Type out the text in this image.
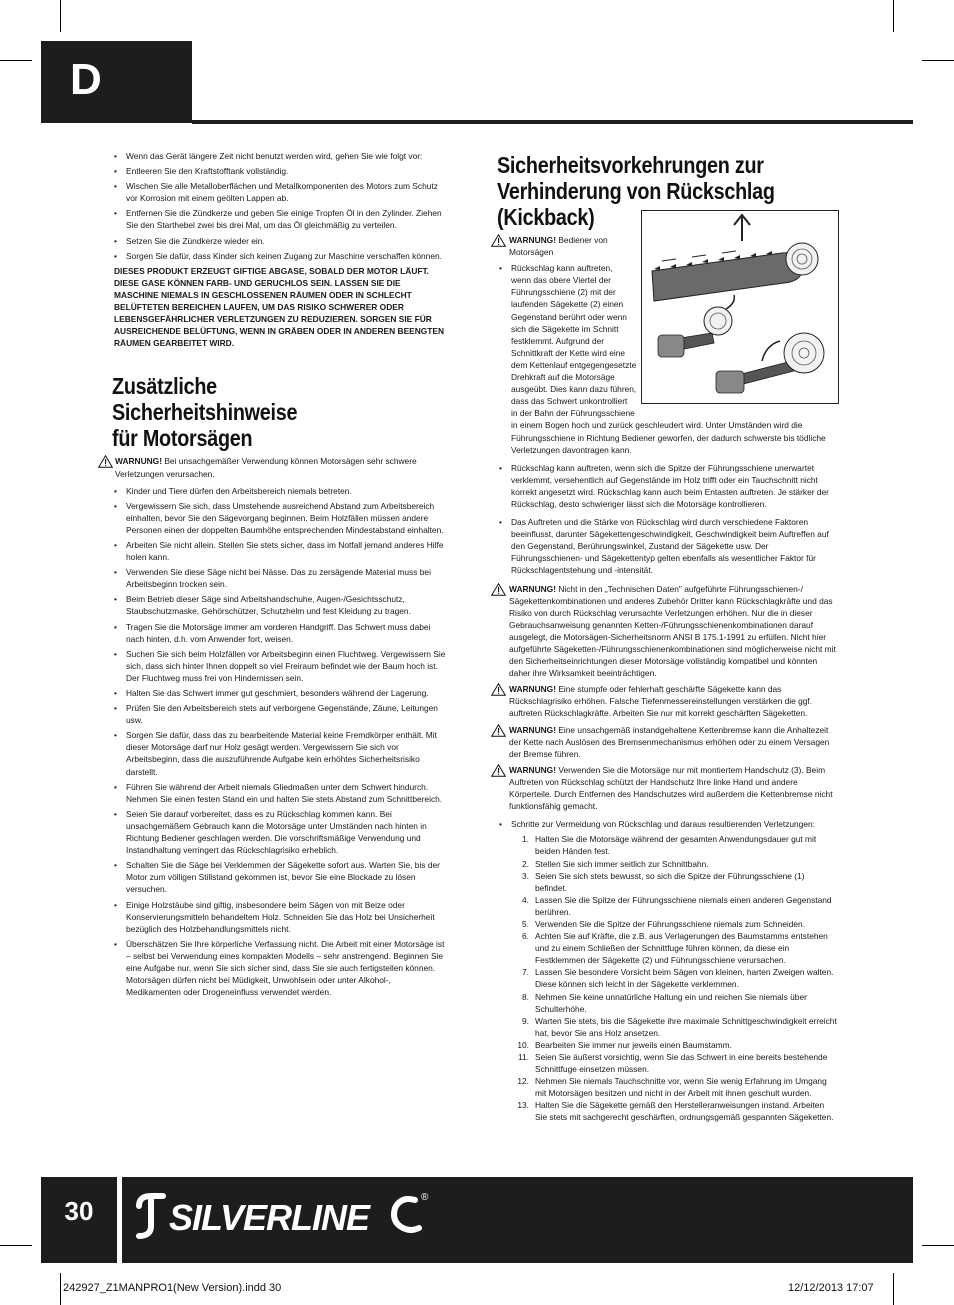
D
• Wenn das Gerät längere Zeit nicht benutzt werden wird, gehen Sie wie folgt vor:
• Entleeren Sie den Kraftstofftank vollständig.
• Wischen Sie alle Metalloberflächen und Metallkomponenten des Motors zum Schutz vor Korrosion mit einem geölten Lappen ab.
• Entfernen Sie die Zündkerze und geben Sie einige Tropfen Öl in den Zylinder. Ziehen Sie den Starthebel zwei bis drei Mal, um das Öl gleichmäßig zu verteilen.
• Setzen Sie die Zündkerze wieder ein.
• Sorgen Sie dafür, dass Kinder sich keinen Zugang zur Maschine verschaffen können.
DIESES PRODUKT ERZEUGT GIFTIGE ABGASE, SOBALD DER MOTOR LÄUFT. DIESE GASE KÖNNEN FARB- UND GERUCHLOS SEIN. LASSEN SIE DIE MASCHINE NIEMALS IN GESCHLOSSENEN RÄUMEN ODER IN SCHLECHT BELÜFTETEN BEREICHEN LAUFEN, UM DAS RISIKO SCHWERER ODER LEBENSGEFÄHRLICHER VERLETZUNGEN ZU REDUZIEREN. SORGEN SIE FÜR AUSREICHENDE BELÜFTUNG, WENN IN GRÄBEN ODER IN ANDEREN BEENGTEN RÄUMEN GEARBEITET WIRD.
Zusätzliche Sicherheitshinweise
für Motorsägen
WARNUNG! Bei unsachgemäßer Verwendung können Motorsägen sehr schwere Verletzungen verursachen.
• Kinder und Tiere dürfen den Arbeitsbereich niemals betreten.
• Vergewissern Sie sich, dass Umstehende ausreichend Abstand zum Arbeitsbereich einhalten, bevor Sie den Sägevorgang beginnen. Beim Holzfällen müssen andere Personen einen der doppelten Baumhöhe entsprechenden Mindestabstand einhalten.
• Arbeiten Sie nicht allein. Stellen Sie stets sicher, dass im Notfall jemand anderes Hilfe holen kann.
• Verwenden Sie diese Säge nicht bei Nässe. Das zu zersägende Material muss bei Arbeitsbeginn trocken sein.
• Beim Betrieb dieser Säge sind Arbeitshandschuhe, Augen-/Gesichtsschutz, Staubschutzmaske, Gehörschützer, Schutzhelm und fest Kleidung zu tragen.
• Tragen Sie die Motorsäge immer am vorderen Handgriff. Das Schwert muss dabei nach hinten, d.h. vom Anwender fort, weisen.
• Suchen Sie sich beim Holzfällen vor Arbeitsbeginn einen Fluchtweg. Vergewissern Sie sich, dass sich hinter Ihnen doppelt so viel Freiraum befindet wie der Baum hoch ist. Der Fluchtweg muss frei von Hindernissen sein.
• Halten Sie das Schwert immer gut geschmiert, besonders während der Lagerung.
• Prüfen Sie den Arbeitsbereich stets auf verborgene Gegenstände, Zäune, Leitungen usw.
• Sorgen Sie dafür, dass das zu bearbeitende Material keine Fremdkörper enthält. Mit dieser Motorsäge darf nur Holz gesägt werden. Vergewissern Sie sich vor Arbeitsbeginn, dass die auszuführende Aufgabe kein erhöhtes Sicherheitsrisiko darstellt.
• Führen Sie während der Arbeit niemals Gliedmaßen unter dem Schwert hindurch. Nehmen Sie einen festen Stand ein und halten Sie stets Abstand zum Schnittbereich.
• Seien Sie darauf vorbereitet, dass es zu Rückschlag kommen kann. Bei unsachgemäßem Gebrauch kann die Motorsäge unter Umständen nach hinten in Richtung Bediener geschlagen werden. Die vorschriftsmäßige Verwendung und Instandhaltung verringert das Rückschlagrisiko erheblich.
• Schalten Sie die Säge bei Verklemmen der Sägekette sofort aus. Warten Sie, bis der Motor zum völligen Stillstand gekommen ist, bevor Sie eine Blockade zu lösen versuchen.
• Einige Holzstäube sind giftig, insbesondere beim Sägen von mit Beize oder Konservierungsmitteln behandeltem Holz. Schneiden Sie das Holz bei Unsicherheit bezüglich des Holzbehandlungsmittels nicht.
• Überschätzen Sie Ihre körperliche Verfassung nicht. Die Arbeit mit einer Motorsäge ist – selbst bei Verwendung eines kompakten Modells – sehr anstrengend. Beginnen Sie eine Aufgabe nur, wenn Sie sich sicher sind, dass Sie sie auch fertigstellen können. Motorsägen dürfen nicht bei Müdigkeit, Unwohlsein oder unter Alkohol-, Medikamenten oder Drogeneinfluss verwendet werden.
Sicherheitsvorkehrungen zur
Verhinderung von Rückschlag
(Kickback)
WARNUNG! Bediener von Motorsägen
• Rückschlag kann auftreten,
wenn das obere Viertel der
Führungsschiene (2) mit der
laufenden Sägekette (2) einen
Gegenstand berührt oder wenn
sich die Sägekette im Schnitt
festklemmt. Aufgrund der
Schnittkraft der Kette wird eine
dem Kettenlauf entgegengesetzte
Drehkraft auf die Motorsäge
ausgeübt. Dies kann dazu führen,
dass das Schwert unkontrolliert
in der Bahn der Führungsschiene
in einem Bogen hoch und zurück geschleudert wird. Unter Umständen wird die Führungsschiene in Richtung Bediener geworfen, der dadurch schwerste bis tödliche Verletzungen davontragen kann.
• Rückschlag kann auftreten, wenn sich die Spitze der Führungsschiene unerwartet verklemmt, versehentlich auf Gegenstände im Holz trifft oder ein Tauchschnitt nicht korrekt angesetzt wird. Rückschlag kann auch beim Entasten auftreten. Je stärker der Rückschlag, desto schwieriger lässt sich die Motorsäge kontrollieren.
• Das Auftreten und die Stärke von Rückschlag wird durch verschiedene Faktoren beeinflusst, darunter Sägekettengeschwindigkeit, Geschwindigkeit beim Auftreffen auf den Gegenstand, Berührungswinkel, Zustand der Sägekette usw. Der Führungsschienen- und Sägekettentyp gelten ebenfalls als wesentlicher Faktor für Rückschlagentstehung und -intensität.
WARNUNG! Nicht in den „Technischen Daten" aufgeführte Führungsschienen-/ Sägekettenkombinationen und anderes Zubehör Dritter kann Rückschlagkräfte und das Risiko von durch Rückschlag verursachte Verletzungen erhöhen. Nur die in dieser Gebrauchsanweisung genannten Ketten-/Führungsschienenkombinationen darauf ausgelegt, die Motorsägen-Sicherheitsnorm ANSI B 175.1-1991 zu erfüllen. Nicht hier aufgeführte Sägeketten-/Führungsschienenkombinationen sind möglicherweise nicht mit den Sicherheitseinrichtungen dieser Motorsäge vollständig kompatibel und könnten daher ihre Wirksamkeit beeinträchtigen.
WARNUNG! Eine stumpfe oder fehlerhaft geschärfte Sägekette kann das Rückschlagrisiko erhöhen. Falsche Tiefenmessereinstellungen verstärken die ggf. auftreten Rückschlagkräfte. Arbeiten Sie nur mit korrekt geschärften Sägeketten.
WARNUNG! Eine unsachgemäß instandgehaltene Kettenbremse kann die Anhaltezeit der Kette nach Auslösen des Bremsenmechanismus erhöhen oder zu einem Versagen der Bremse führen.
WARNUNG! Verwenden Sie die Motorsäge nur mit montiertem Handschutz (3). Beim Auftreten von Rückschlag schützt der Handschutz Ihre linke Hand und andere Körperteile. Durch Entfernen des Handschutzes wird außerdem die Kettenbremse nicht funktionsfähig gemacht.
• Schritte zur Vermeidung von Rückschlag und daraus resultierenden Verletzungen:
1. Halten Sie die Motorsäge während der gesamten Anwendungsdauer gut mit beiden Händen fest.
2. Stellen Sie sich immer seitlich zur Schnittbahn.
3. Seien Sie sich stets bewusst, so sich die Spitze der Führungsschiene (1) befindet.
4. Lassen Sie die Spitze der Führungsschiene niemals einen anderen Gegenstand berühren.
5. Verwenden Sie die Spitze der Führungsschiene niemals zum Schneiden.
6. Achten Sie auf Kräfte, die z.B. aus Verlagerungen des Baumstamms entstehen und zu einem Schließen der Schnittfuge führen können, da diese ein Festklemmen der Sägekette (2) und Führungsschiene verursachen.
7. Lassen Sie besondere Vorsicht beim Sägen von kleinen, harten Zweigen walten. Diese können sich leicht in der Sägekette verklemmen.
8. Nehmen Sie keine unnatürliche Haltung ein und reichen Sie niemals über Schulterhöhe.
9. Warten Sie stets, bis die Sägekette ihre maximale Schnittgeschwindigkeit erreicht hat, bevor Sie ans Holz ansetzen.
10. Bearbeiten Sie immer nur jeweils einen Baumstamm.
11. Seien Sie äußerst vorsichtig, wenn Sie das Schwert in eine bereits bestehende Schnittfuge einsetzen müssen.
12. Nehmen Sie niemals Tauchschnitte vor, wenn Sie wenig Erfahrung im Umgang mit Motorsägen besitzen und nicht in der Arbeit mit ihnen geschult wurden.
13. Halten Sie die Sägekette gemäß den Herstelleranweisungen instand. Arbeiten Sie stets mit sachgerecht geschärften, ordnungsgemäß gespannten Sägeketten.
30	SILVERLINE	®
242927_Z1MANPRO1(New Version).indd 30	12/12/2013 17:07
